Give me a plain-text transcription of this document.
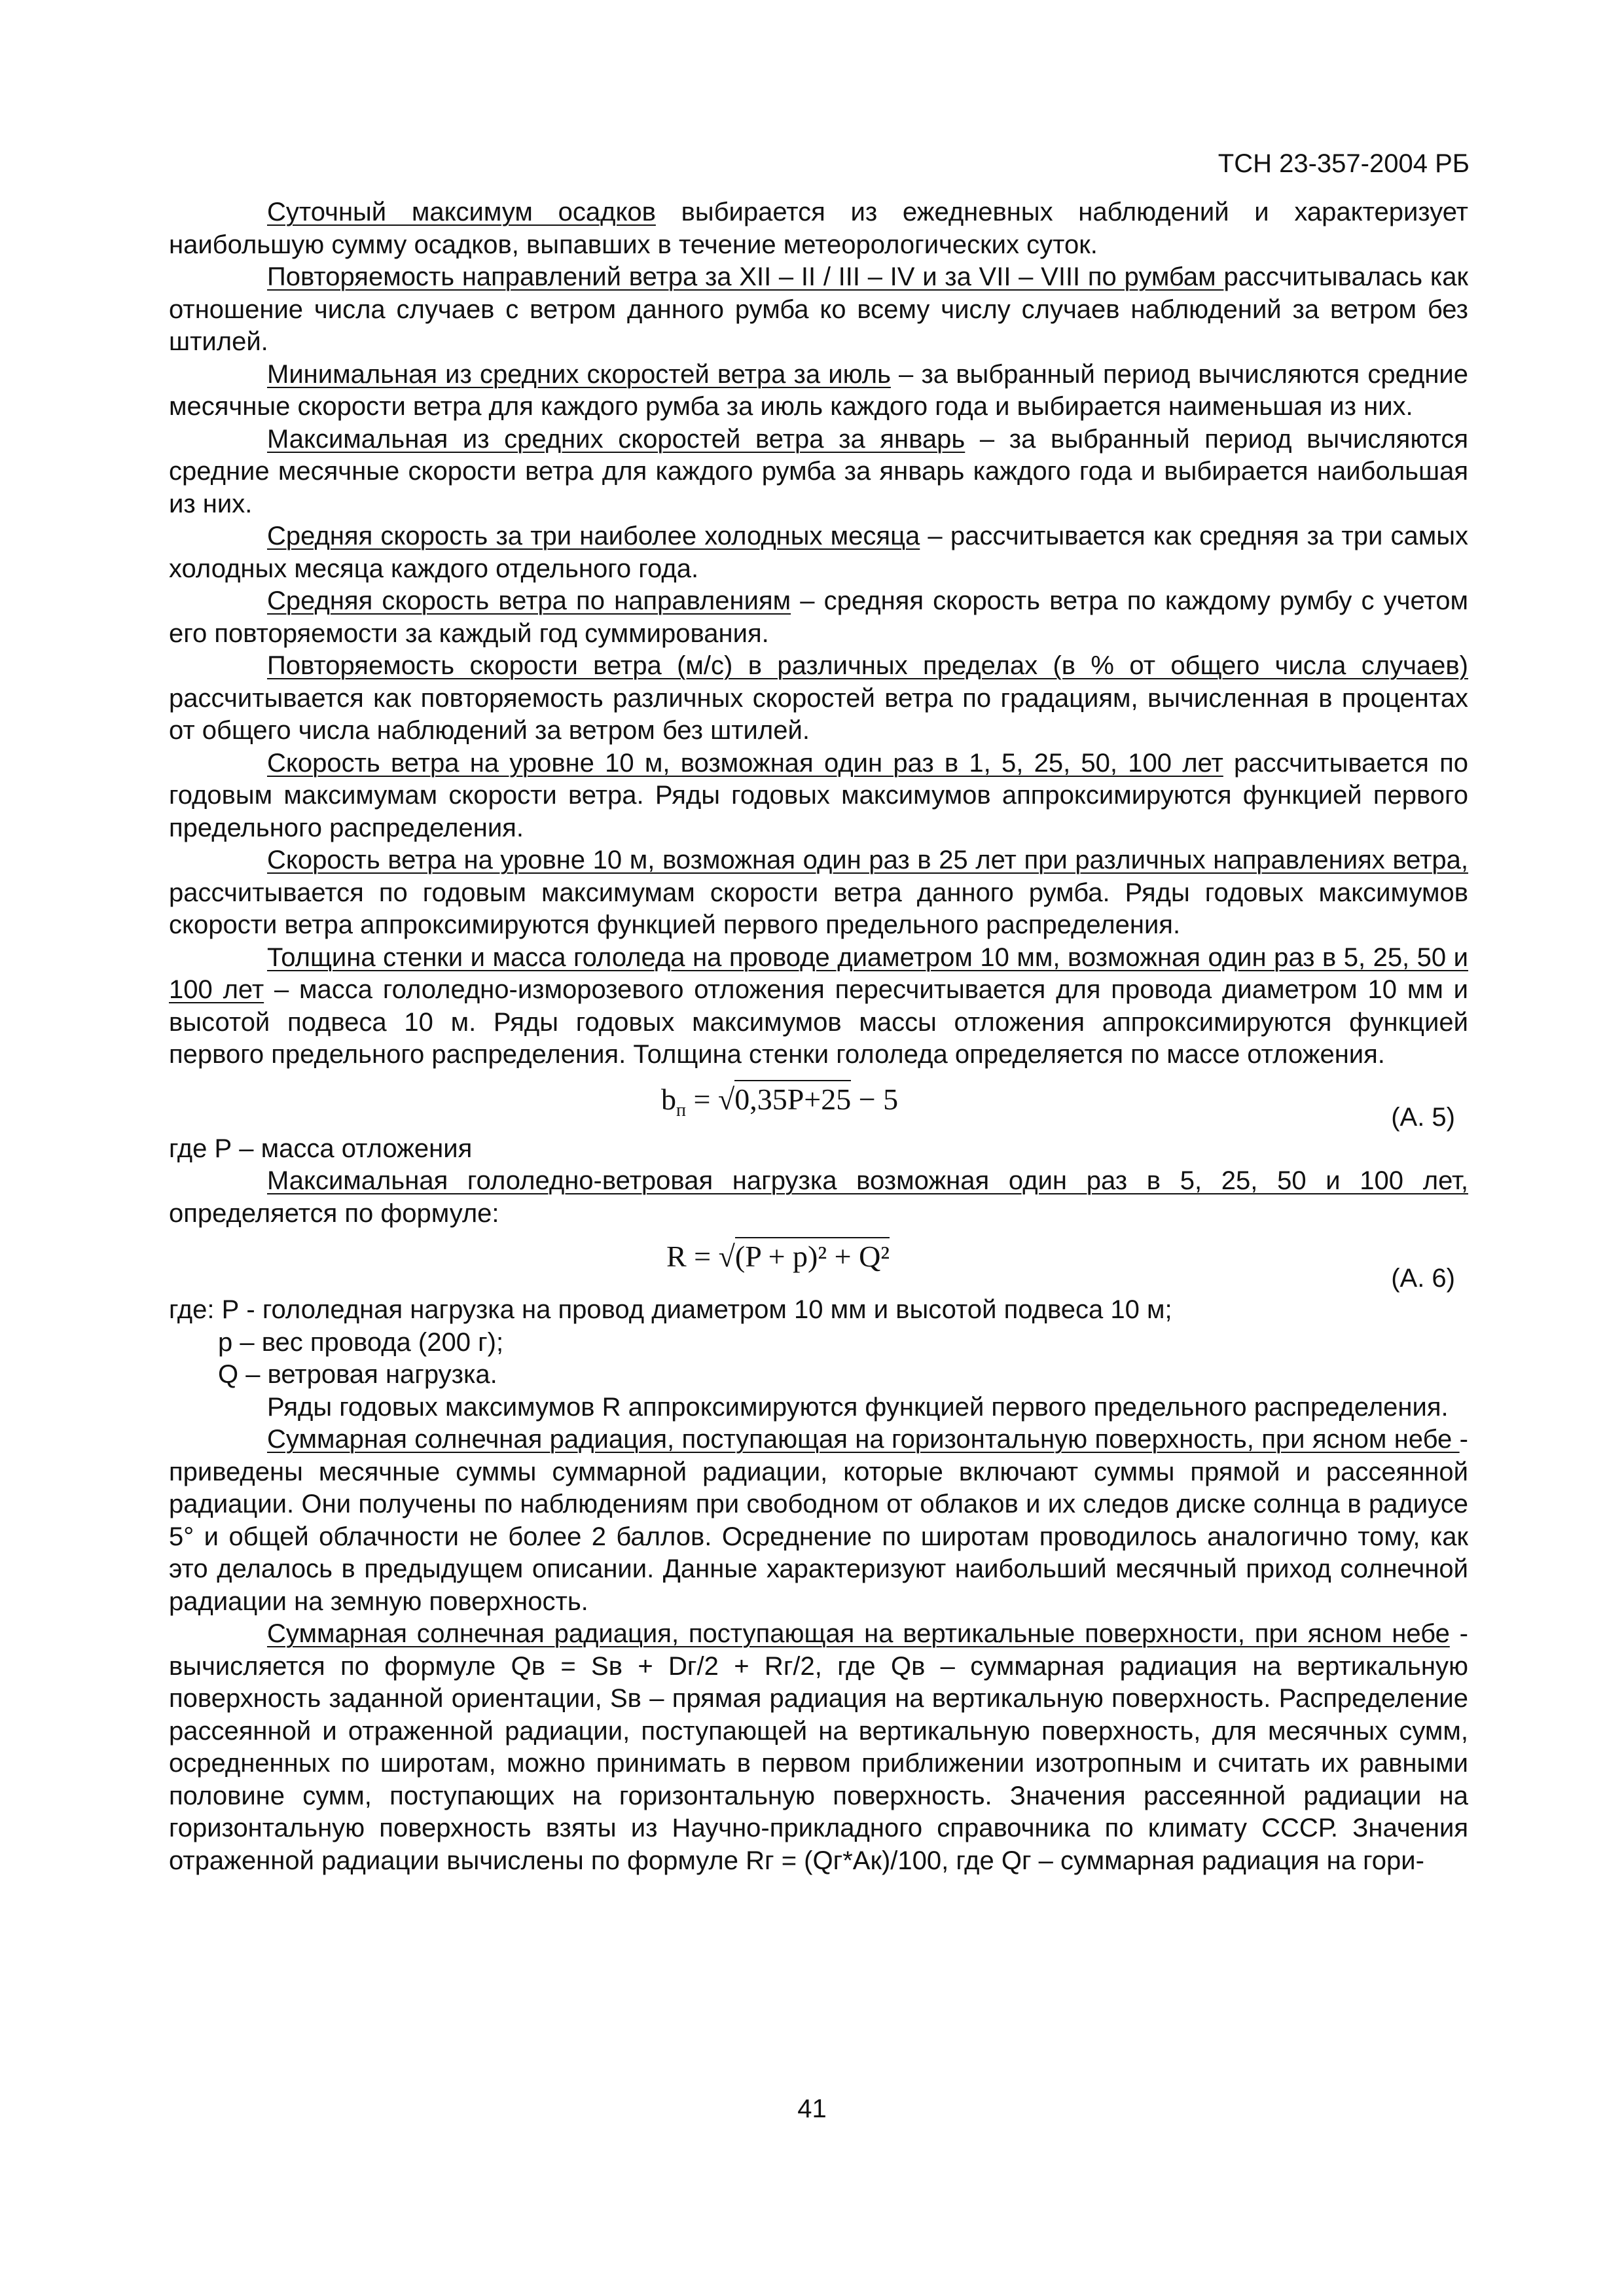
ТСН 23-357-2004 РБ

Суточный максимум осадков выбирается из ежедневных наблюдений и характеризует наибольшую сумму осадков, выпавших в течение метеорологических суток.

Повторяемость направлений ветра за XII – II / III – IV и за VII – VIII по румбам рассчитывалась как отношение числа случаев с ветром данного румба ко всему числу случаев наблюдений за ветром без штилей.

Минимальная из средних скоростей ветра за июль – за выбранный период вычисляются средние месячные скорости ветра для каждого румба за июль каждого года и выбирается наименьшая из них.

Максимальная из средних скоростей ветра за январь – за выбранный период вычисляются средние месячные скорости ветра для каждого румба за январь каждого года и выбирается наибольшая из них.

Средняя скорость за три наиболее холодных месяца – рассчитывается как средняя за три самых холодных месяца каждого отдельного года.

Средняя скорость ветра по направлениям – средняя скорость ветра по каждому румбу с учетом его повторяемости за каждый год суммирования.

Повторяемость скорости ветра (м/с) в различных пределах (в % от общего числа случаев) рассчитывается как повторяемость различных скоростей ветра по градациям, вычисленная в процентах от общего числа наблюдений за ветром без штилей.

Скорость ветра на уровне 10 м, возможная один раз в 1, 5, 25, 50, 100 лет рассчитывается по годовым максимумам скорости ветра. Ряды годовых максимумов аппроксимируются функцией первого предельного распределения.

Скорость ветра на уровне 10 м, возможная один раз в 25 лет при различных направлениях ветра, рассчитывается по годовым максимумам скорости ветра данного румба. Ряды годовых максимумов скорости ветра аппроксимируются функцией первого предельного распределения.

Толщина стенки и масса гололеда на проводе диаметром 10 мм, возможная один раз в 5, 25, 50 и 100 лет – масса гололедно-изморозевого отложения пересчитывается для провода диаметром 10 мм и высотой подвеса 10 м. Ряды годовых максимумов массы отложения аппроксимируются функцией первого предельного распределения. Толщина стенки гололеда определяется по массе отложения.

$b_п = √0,35P+25 - 5$
(А. 5)

где Р – масса отложения

Максимальная гололедно-ветровая нагрузка возможная один раз в 5, 25, 50 и 100 лет, определяется по формуле:

R = √(P + p)² + Q²
(А. 6)

где: Р - гололедная нагрузка на провод диаметром 10 мм и высотой подвеса 10 м;

р – вес провода (200 г);

Q – ветровая нагрузка.

Ряды годовых максимумов R аппроксимируются функцией первого предельного распределения.

Суммарная солнечная радиация, поступающая на горизонтальную поверхность, при ясном небе - приведены месячные суммы суммарной радиации, которые включают суммы прямой и рассеянной радиации. Они получены по наблюдениям при свободном от облаков и их следов диске солнца в радиусе 5° и общей облачности не более 2 баллов. Осреднение по широтам проводилось аналогично тому, как это делалось в предыдущем описании. Данные характеризуют наибольший месячный приход солнечной радиации на земную поверхность.

Суммарная солнечная радиация, поступающая на вертикальные поверхности, при ясном небе - вычисляется по формуле Qв = Sв + Dг/2 + Rг/2, где Qв – суммарная радиация на вертикальную поверхность заданной ориентации, Sв – прямая радиация на вертикальную поверхность. Распределение рассеянной и отраженной радиации, поступающей на вертикальную поверхность, для месячных сумм, осредненных по широтам, можно принимать в первом приближении изотропным и считать их равными половине сумм, поступающих на горизонтальную поверхность. Значения рассеянной радиации на горизонтальную поверхность взяты из Научно-прикладного справочника по климату СССР. Значения отраженной радиации вычислены по формуле Rг = (Qг*Ак)/100, где Qг – суммарная радиация на гори-

41
